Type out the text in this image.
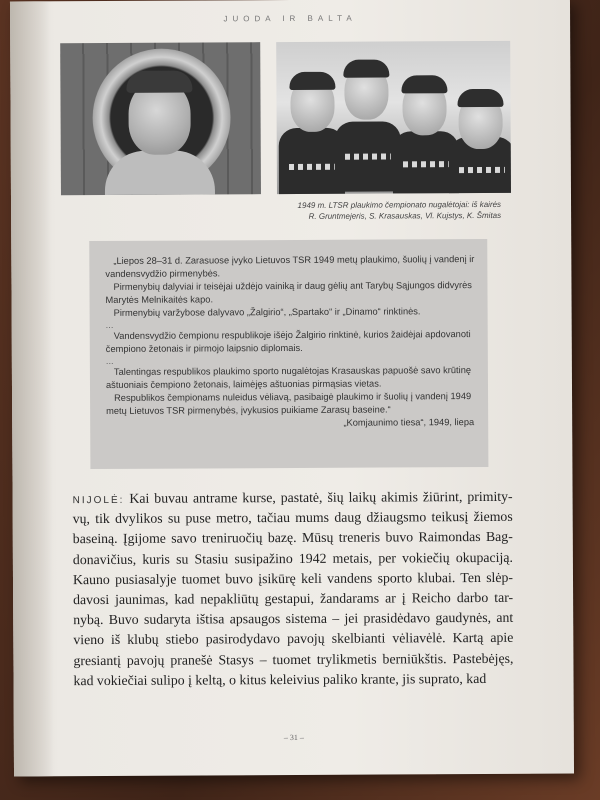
JUODA IR BALTA
1949 m. LTSR plaukimo čempionato nugalėtojai: iš kairės
R. Gruntmejeris, S. Krasauskas, Vl. Kujstys, K. Šmitas

„Liepos 28–31 d. Zarasuose įvyko Lietuvos TSR 1949 metų plaukimo, šuolių į vandenį ir vandensvydžio pirmenybės.

Pirmenybių dalyviai ir teisėjai uždėjo vainiką ir daug gėlių ant Tarybų Sąjungos didvyrės Marytės Melnikaitės kapo.

Pirmenybių varžybose dalyvavo „Žalgirio“, „Spartako“ ir „Dinamo“ rinktinės.

...

Vandensvydžio čempionu respublikoje išėjo Žalgirio rinktinė, kurios žaidėjai apdovanoti čempiono žetonais ir pirmojo laipsnio diplomais.

...

Talentingas respublikos plaukimo sporto nugalėtojas Krasauskas papuošė savo krūtinę aštuoniais čempiono žetonais, laimėjęs aštuonias pirmąsias vietas.

Respublikos čempionams nuleidus vėliavą, pasibaigė plaukimo ir šuolių į vandenį 1949 metų Lietuvos TSR pirmenybės, įvykusios puikiame Zarasų baseine.“

„Komjaunimo tiesa“, 1949, liepa

NIJOLĖ: Kai buvau antrame kurse, pastatė, šių laikų akimis žiūrint, primity-
vų, tik dvylikos su puse metro, tačiau mums daug džiaugsmo teikusį žiemos
baseiną. Įgijome savo treniruočių bazę. Mūsų treneris buvo Raimondas Bag-
donavičius, kuris su Stasiu susipažino 1942 metais, per vokiečių okupaciją.
Kauno pusiasalyje tuomet buvo įsikūrę keli vandens sporto klubai. Ten slėp-
davosi jaunimas, kad nepakliūtų gestapui, žandarams ar į Reicho darbo tar-
nybą. Buvo sudaryta ištisa apsaugos sistema – jei prasidėdavo gaudynės, ant
vieno iš klubų stiebo pasirodydavo pavojų skelbianti vėliavėlė. Kartą apie
gresiantį pavojų pranešė Stasys – tuomet trylikmetis berniūkštis. Pastebėjęs,
kad vokiečiai sulipo į keltą, o kitus keleivius paliko krante, jis suprato, kad
– 31 –
